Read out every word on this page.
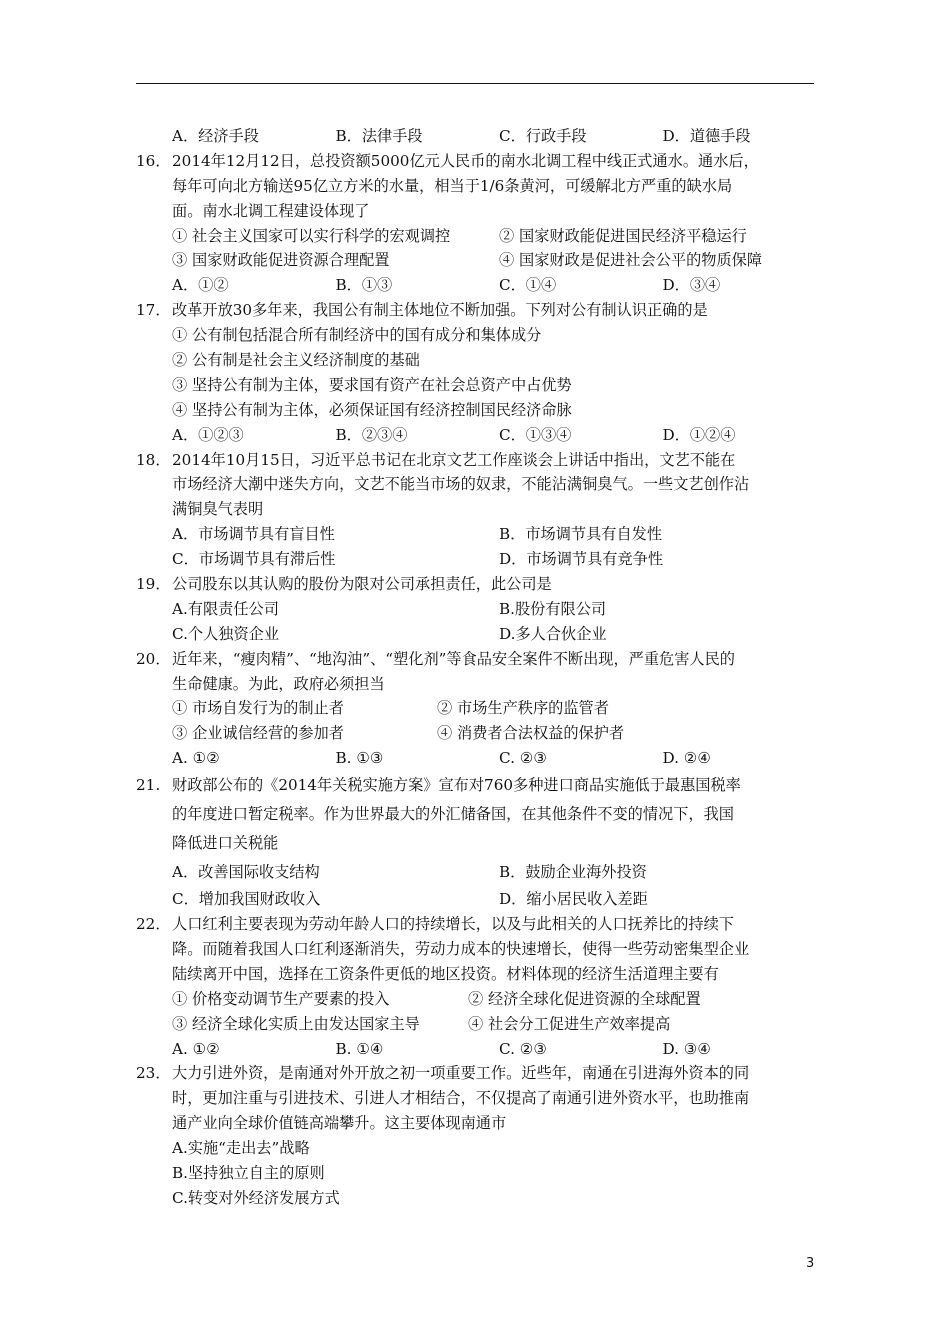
A．经济手段	B．法律手段	C．行政手段	D．道德手段
16．2014年12月12日，总投资额5000亿元人民币的南水北调工程中线正式通水。通水后，
每年可向北方输送95亿立方米的水量，相当于1/6条黄河，可缓解北方严重的缺水局
面。南水北调工程建设体现了
① 社会主义国家可以实行科学的宏观调控	② 国家财政能促进国民经济平稳运行
③ 国家财政能促进资源合理配置	④ 国家财政是促进社会公平的物质保障
A．①②	B．①③	C．①④	D．③④
17．改革开放30多年来，我国公有制主体地位不断加强。下列对公有制认识正确的是
① 公有制包括混合所有制经济中的国有成分和集体成分
② 公有制是社会主义经济制度的基础
③ 坚持公有制为主体，要求国有资产在社会总资产中占优势
④ 坚持公有制为主体，必须保证国有经济控制国民经济命脉
A．①②③	B．②③④	C．①③④	D．①②④
18．2014年10月15日，习近平总书记在北京文艺工作座谈会上讲话中指出，文艺不能在
市场经济大潮中迷失方向，文艺不能当市场的奴隶，不能沾满铜臭气。一些文艺创作沾
满铜臭气表明
A．市场调节具有盲目性	B．市场调节具有自发性
C．市场调节具有滞后性	D．市场调节具有竞争性
19．公司股东以其认购的股份为限对公司承担责任，此公司是
A.有限责任公司	B.股份有限公司
C.个人独资企业	D.多人合伙企业
20．近年来，“瘦肉精”、“地沟油”、“塑化剂”等食品安全案件不断出现，严重危害人民的
生命健康。为此，政府必须担当
① 市场自发行为的制止者	② 市场生产秩序的监管者
③ 企业诚信经营的参加者	④ 消费者合法权益的保护者
A. ①②	B. ①③	C. ②③	D. ②④
21. 财政部公布的《2014年关税实施方案》宣布对760多种进口商品实施低于最惠国税率
的年度进口暂定税率。作为世界最大的外汇储备国，在其他条件不变的情况下，我国
降低进口关税能
A．改善国际收支结构	B．鼓励企业海外投资
C．增加我国财政收入	D．缩小居民收入差距
22．人口红利主要表现为劳动年龄人口的持续增长，以及与此相关的人口抚养比的持续下
降。而随着我国人口红利逐渐消失，劳动力成本的快速增长，使得一些劳动密集型企业
陆续离开中国，选择在工资条件更低的地区投资。材料体现的经济生活道理主要有
① 价格变动调节生产要素的投入	② 经济全球化促进资源的全球配置
③ 经济全球化实质上由发达国家主导	④ 社会分工促进生产效率提高
A. ①②	B. ①④	C. ②③	D. ③④
23．大力引进外资，是南通对外开放之初一项重要工作。近些年，南通在引进海外资本的同
时，更加注重与引进技术、引进人才相结合，不仅提高了南通引进外资水平，也助推南
通产业向全球价值链高端攀升。这主要体现南通市
A.实施“走出去”战略
B.坚持独立自主的原则
C.转变对外经济发展方式
3
